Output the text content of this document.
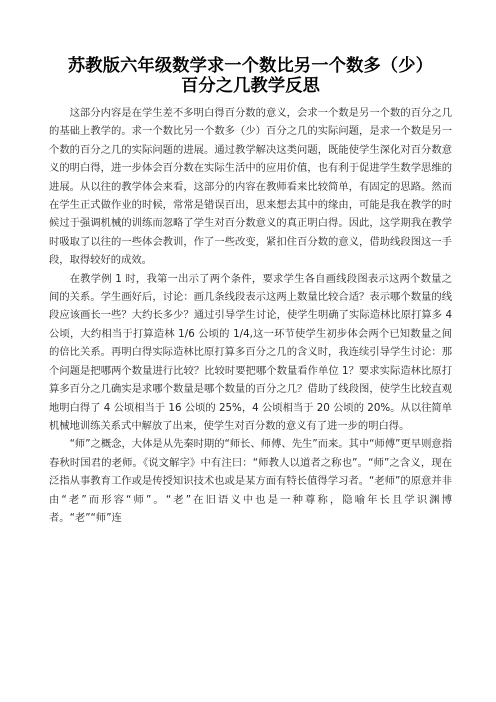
苏教版六年级数学求一个数比另一个数多（少）
百分之几教学反思

这部分内容是在学生差不多明白得百分数的意义，会求一个数是另一个数的百分之几的基础上教学的。求一个数比另一个数多（少）百分之几的实际问题，是求一个数是另一个数的百分之几的实际问题的进展。通过教学解决这类问题，既能使学生深化对百分数意义的明白得，进一步体会百分数在实际生活中的应用价值，也有利于促进学生数学思维的进展。从以往的教学体会来看，这部分的内容在教师看来比较简单，有固定的思路。然而在学生正式做作业的时候，常常是错误百出，思来想去其中的缘由，可能是我在教学的时候过于强调机械的训练而忽略了学生对百分数意义的真正明白得。因此，这学期我在教学时吸取了以往的一些体会教训，作了一些改变，紧扣住百分数的意义，借助线段图这一手段，取得较好的成效。

在教学例 1 时，我第一出示了两个条件，要求学生各自画线段图表示这两个数量之间的关系。学生画好后，讨论：画几条线段表示这两上数量比较合适？表示哪个数量的线段应该画长一些？大约长多少？通过引导学生讨论，使学生明确了实际造林比原打算多 4 公顷，大约相当于打算造林 1/6 公顷的 1/4,这一环节使学生初步体会两个已知数量之间的倍比关系。再明白得实际造林比原打算多百分之几的含义时，我连续引导学生讨论：那个问题是把哪两个数量进行比较？比较时要把哪个数量看作单位 1？要求实际造林比原打算多百分之几确实是求哪个数量是哪个数量的百分之几？借助了线段图，使学生比较直观地明白得了 4 公顷相当于 16 公顷的 25%，4 公顷相当于 20 公顷的 20%。从以往简单机械地训练关系式中解放了出来，使学生对百分数的意义有了进一步的明白得。

“师”之概念，大体是从先秦时期的“师长、师傅、先生”而来。其中“师傅”更早则意指春秋时国君的老师。《说文解字》中有注曰：“师教人以道者之称也”。“师”之含义，现在泛指从事教育工作或是传授知识技术也或是某方面有特长值得学习者。“老师”的原意并非由“老”而形容“师”。“老”在旧语义中也是一种尊称，隐喻年长且学识渊博者。“老”“师”连
